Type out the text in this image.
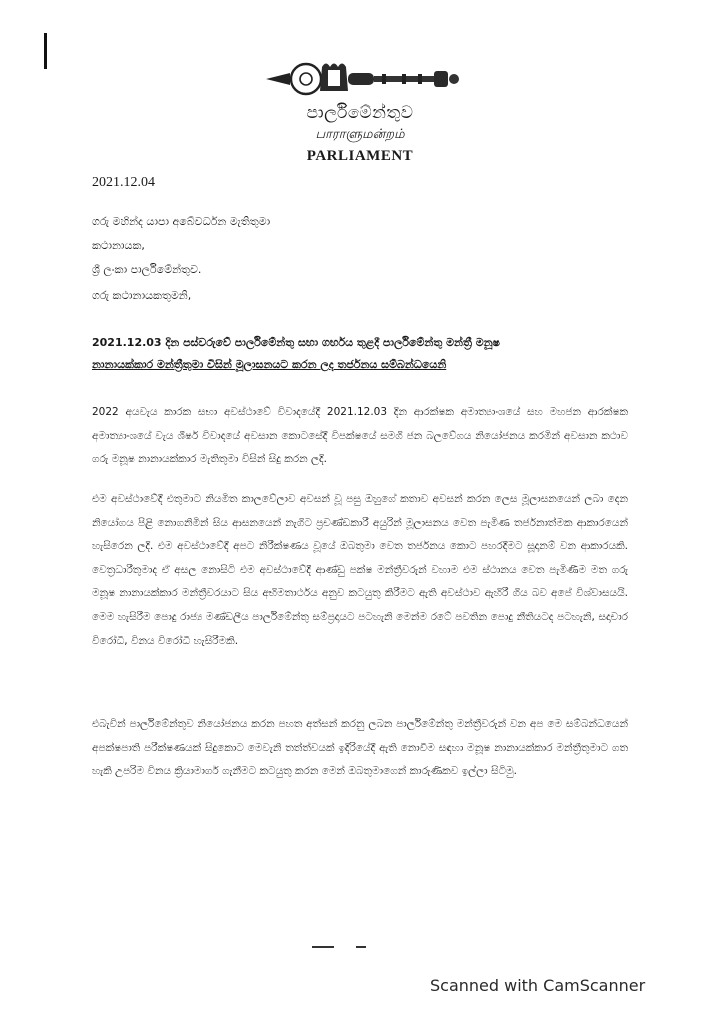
පාර්ලිමේන්තුව
பாராளுமன்றம்
PARLIAMENT
2021.12.04
ගරු මහින්ද යාපා අබේවර්ධන මැතිතුමා
කථානායක,
ශ්‍රී ලංකා පාර්ලිමේන්තුව.
ගරු කථානායකතුමනි,
2021.12.03 දින පස්වරුවේ පාර්ලිමේන්තු සභා ගර්භය තුළදී පාර්ලිමේන්තු මන්ත්‍රී මනූෂ
නානායක්කාර මන්ත්‍රීතුමා විසින් මූලාසනයට කරන ලද තර්ජනය සම්බන්ධයෙනි
2022 අයවැය කාරක සභා අවස්ථාවේ විවාදයේදී 2021.12.03 දින ආරක්ෂක අමාත්‍යාංශයේ සහ මහජන ආරක්ෂක අමාත්‍යාංශයේ වැය ශීර්ෂ විවාදයේ අවසාන කොටසේදී විපක්ෂයේ සමගි ජන බලවේගය නියෝජනය කරමින් අවසාන කථාව ගරු මනූෂ නානායක්කාර මැතිතුමා විසින් සිදු කරන ලදි.
එම අවස්ථාවේදී එතුමාට නියමිත කාලවේලාව අවසන් වූ පසු ඔහුගේ කතාව අවසන් කරන ලෙස මූලාසනයෙන් ලබා දෙන නියෝගය පිළි නොගනිමින් සිය ආසනයෙන් නැගිට ප්‍රචණ්ඩකාරී අයුරින් මූලාසනය වෙත පැමිණ තර්ජනාත්මක ආකාරයෙන් හැසිරෙන ලදි. එම අවස්ථාවේදී අපට නිරීක්ෂණය වූයේ ඔබතුමා වෙත තර්ජනය කොට පහරදීමට සූදානම් වන ආකාරයකි. වෙත්‍රධාරීතුමාද ඒ අසල නොසිටි එම අවස්ථාවේදී ආණ්ඩු පක්ෂ මන්ත්‍රීවරුන් වහාම එම ස්ථානය වෙත පැමිණීම මත ගරු මනූෂ නානායක්කාර මන්ත්‍රීවරයාට සිය අභිමතාර්ථය අනුව කටයුතු කිරීමට ඇති අවස්ථාව ඇහිරී ගිය බව අපේ විශ්වාසයයි. මෙම හැසිරීම පොදු රාජ්‍ය මණ්ඩලීය පාර්ලිමේන්තු සම්ප්‍රදායට පටහැනි මෙන්ම රටේ පවතින පොදු නීතියටද පටහැනි, සදාචාර විරෝධී, විනය විරෝධී හැසිරීමකි.
එබැවින් පාර්ලිමේන්තුව නියෝජනය කරන පහත අත්සන් කරනු ලබන පාර්ලිමේන්තු මන්ත්‍රීවරුන් වන අප මෙ සම්බන්ධයෙන් අපක්ෂපාති පරීක්ෂණයක් සිදුකොට මෙවැනි තත්ත්වයක් ඉදිරියේදී ඇති නොවීම සඳහා මනූෂ නානායක්කාර මන්ත්‍රීතුමාට ගත හැකි උපරිම විනය ක්‍රියාමාර්ග ගැනීමට කටයුතු කරන මෙන් ඔබතුමාගෙන් කාරුණිකව ඉල්ලා සිටිමු.
Scanned with CamScanner
